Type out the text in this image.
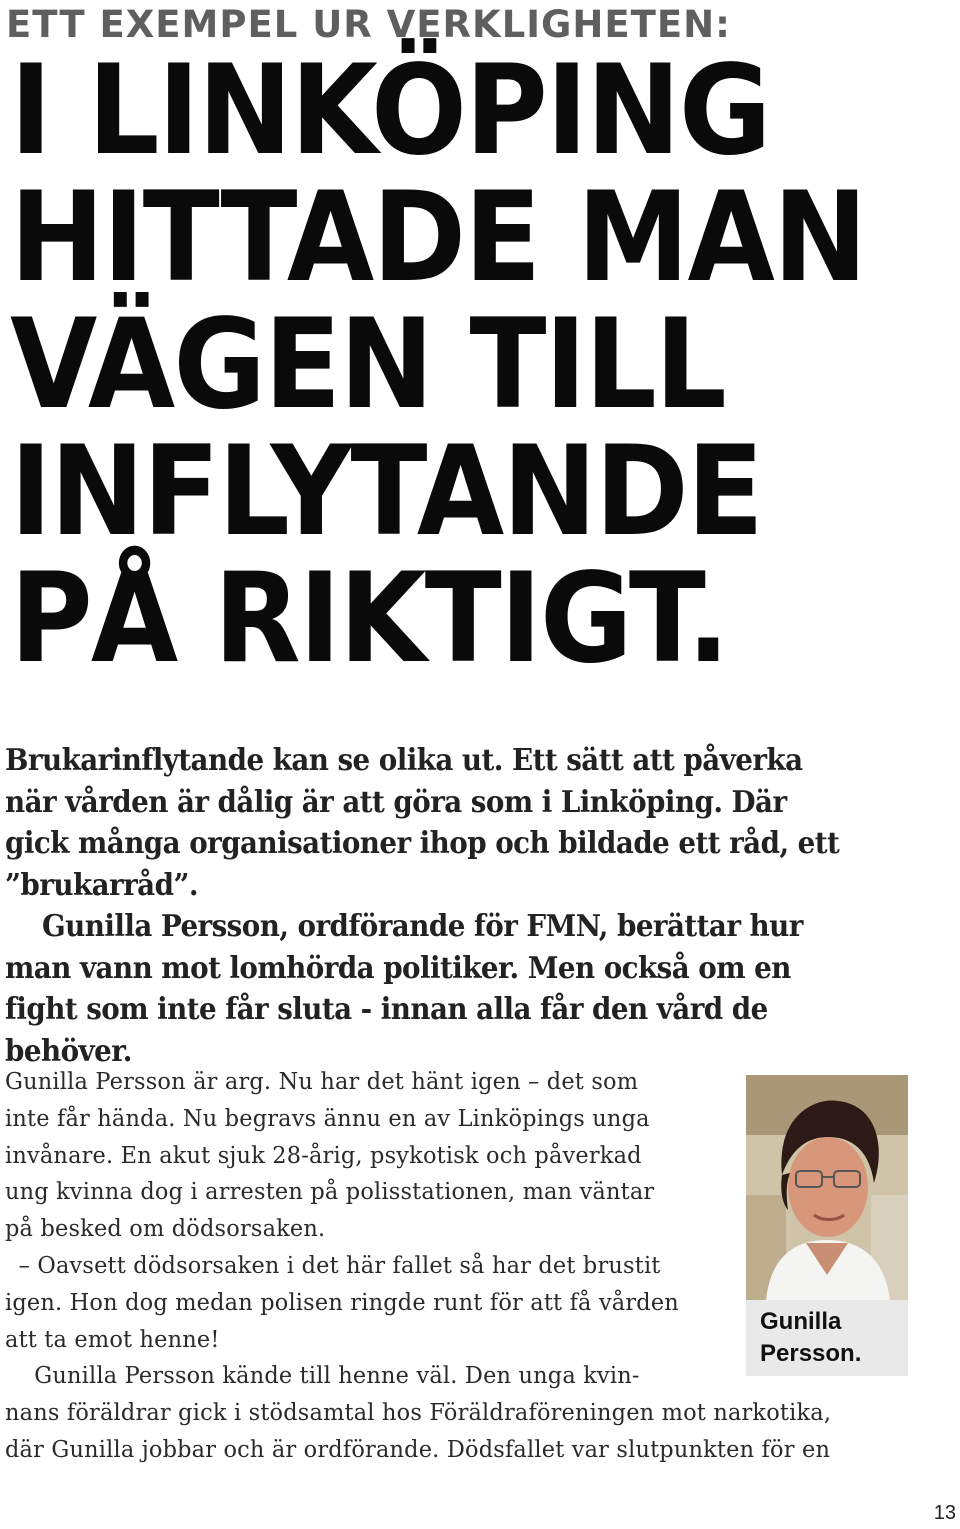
ETT EXEMPEL UR VERKLIGHETEN:
I LINKÖPING
HITTADE MAN
VÄGEN TILL
INFLYTANDE
PÅ RIKTIGT.

Brukarinflytande kan se olika ut. Ett sätt att påverka när vården är dålig är att göra som i Linköping. Där gick många organisationer ihop och bildade ett råd, ett ”brukarråd”.

Gunilla Persson, ordförande för FMN, berättar hur man vann mot lomhörda politiker. Men också om en fight som inte får sluta - innan alla får den vård de behöver.

Gunilla Persson är arg. Nu har det hänt igen – det som
inte får hända. Nu begravs ännu en av Linköpings unga
invånare. En akut sjuk 28-årig, psykotisk och påverkad
ung kvinna dog i arresten på polisstationen, man väntar
på besked om dödsorsaken.
– Oavsett dödsorsaken i det här fallet så har det brustit
igen. Hon dog medan polisen ringde runt för att få vården
att ta emot henne!
Gunilla Persson kände till henne väl. Den unga kvin-
nans föräldrar gick i stödsamtal hos Föräldraföreningen mot narkotika,
där Gunilla jobbar och är ordförande. Dödsfallet var slutpunkten för en
Gunilla
Persson.
13
